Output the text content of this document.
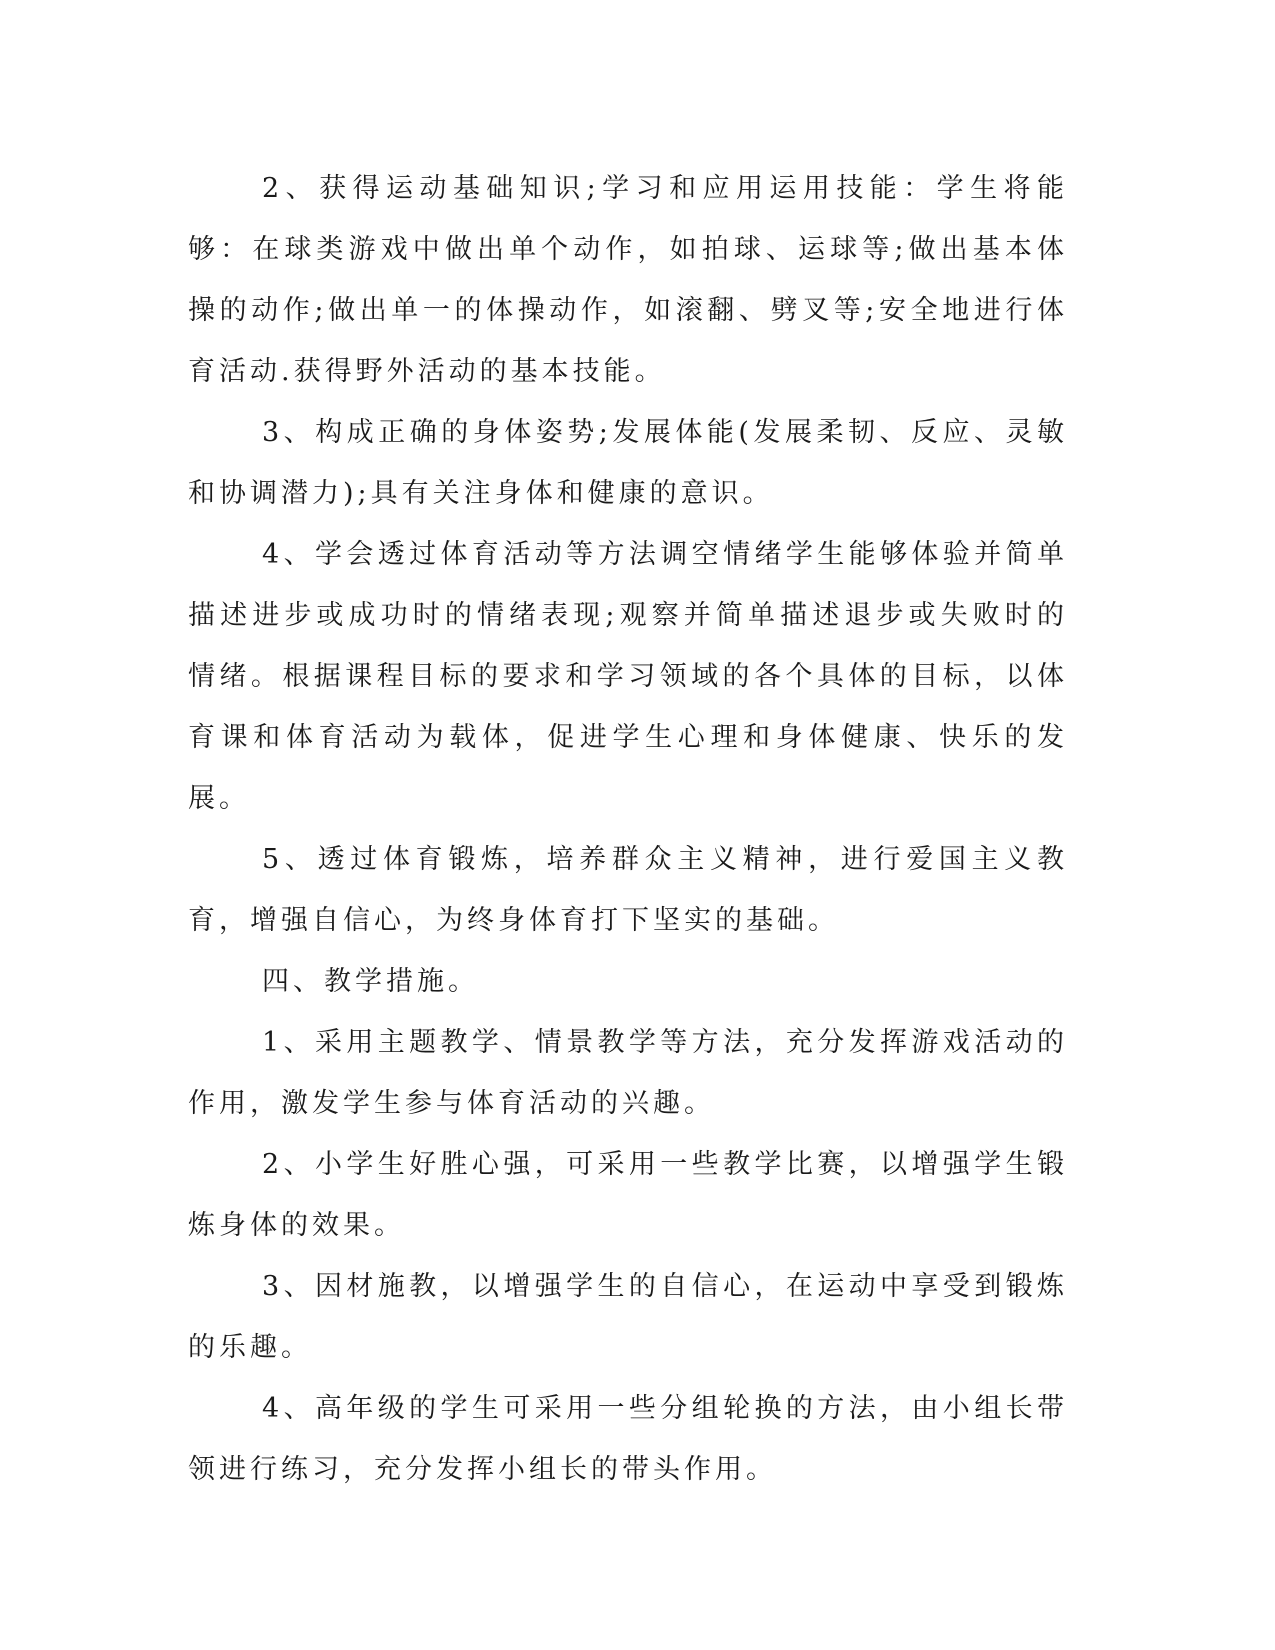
2、获得运动基础知识;学习和应用运用技能：学生将能够：在球类游戏中做出单个动作，如拍球、运球等;做出基本体操的动作;做出单一的体操动作，如滚翻、劈叉等;安全地进行体育活动.获得野外活动的基本技能。

3、构成正确的身体姿势;发展体能(发展柔韧、反应、灵敏和协调潜力);具有关注身体和健康的意识。

4、学会透过体育活动等方法调空情绪学生能够体验并简单描述进步或成功时的情绪表现;观察并简单描述退步或失败时的情绪。根据课程目标的要求和学习领域的各个具体的目标，以体育课和体育活动为载体，促进学生心理和身体健康、快乐的发展。

5、透过体育锻炼，培养群众主义精神，进行爱国主义教育，增强自信心，为终身体育打下坚实的基础。

四、教学措施。

1、采用主题教学、情景教学等方法，充分发挥游戏活动的作用，激发学生参与体育活动的兴趣。

2、小学生好胜心强，可采用一些教学比赛，以增强学生锻炼身体的效果。

3、因材施教，以增强学生的自信心，在运动中享受到锻炼的乐趣。

4、高年级的学生可采用一些分组轮换的方法，由小组长带领进行练习，充分发挥小组长的带头作用。
